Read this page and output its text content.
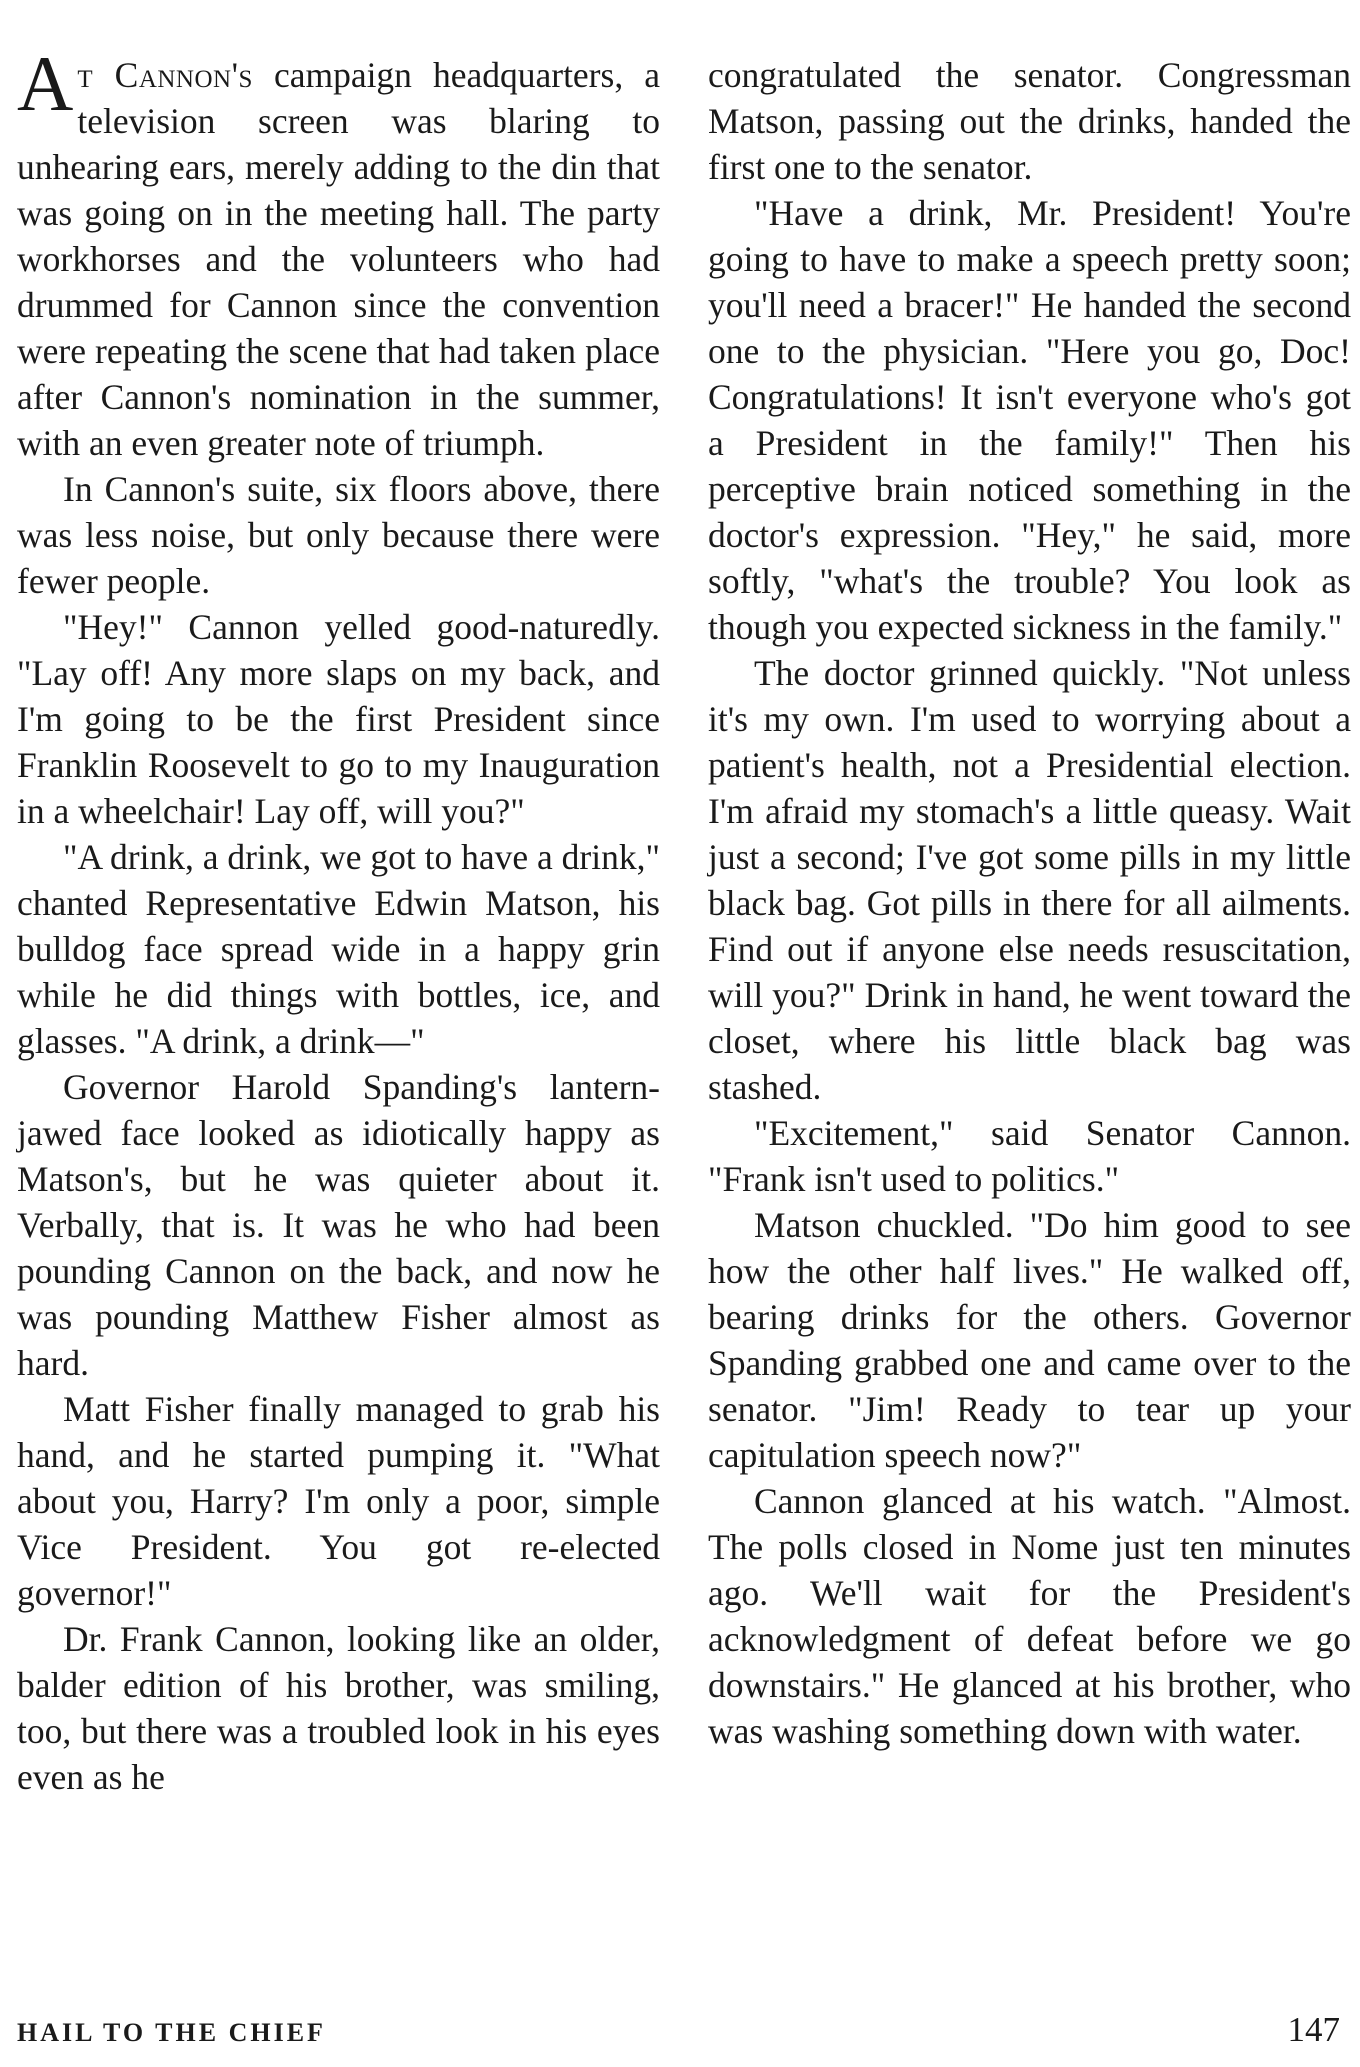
At Cannon's campaign headquarters, a television screen was blaring to unhearing ears, merely adding to the din that was going on in the meeting hall. The party workhorses and the volunteers who had drummed for Cannon since the convention were repeating the scene that had taken place after Cannon's nomination in the summer, with an even greater note of triumph.

In Cannon's suite, six floors above, there was less noise, but only because there were fewer people.

"Hey!" Cannon yelled good-naturedly. "Lay off! Any more slaps on my back, and I'm going to be the first President since Franklin Roosevelt to go to my Inauguration in a wheelchair! Lay off, will you?"

"A drink, a drink, we got to have a drink," chanted Representative Edwin Matson, his bulldog face spread wide in a happy grin while he did things with bottles, ice, and glasses. "A drink, a drink—"

Governor Harold Spanding's lantern-jawed face looked as idiotically happy as Matson's, but he was quieter about it. Verbally, that is. It was he who had been pounding Cannon on the back, and now he was pounding Matthew Fisher almost as hard.

Matt Fisher finally managed to grab his hand, and he started pumping it. "What about you, Harry? I'm only a poor, simple Vice President. You got re-elected governor!"

Dr. Frank Cannon, looking like an older, balder edition of his brother, was smiling, too, but there was a troubled look in his eyes even as he

congratulated the senator. Congressman Matson, passing out the drinks, handed the first one to the senator.

"Have a drink, Mr. President! You're going to have to make a speech pretty soon; you'll need a bracer!" He handed the second one to the physician. "Here you go, Doc! Congratulations! It isn't everyone who's got a President in the family!" Then his perceptive brain noticed something in the doctor's expression. "Hey," he said, more softly, "what's the trouble? You look as though you expected sickness in the family."

The doctor grinned quickly. "Not unless it's my own. I'm used to worrying about a patient's health, not a Presidential election. I'm afraid my stomach's a little queasy. Wait just a second; I've got some pills in my little black bag. Got pills in there for all ailments. Find out if anyone else needs resuscitation, will you?" Drink in hand, he went toward the closet, where his little black bag was stashed.

"Excitement," said Senator Cannon. "Frank isn't used to politics."

Matson chuckled. "Do him good to see how the other half lives." He walked off, bearing drinks for the others. Governor Spanding grabbed one and came over to the senator. "Jim! Ready to tear up your capitulation speech now?"

Cannon glanced at his watch. "Almost. The polls closed in Nome just ten minutes ago. We'll wait for the President's acknowledgment of defeat before we go downstairs." He glanced at his brother, who was washing something down with water.

HAIL TO THE CHIEF	147
